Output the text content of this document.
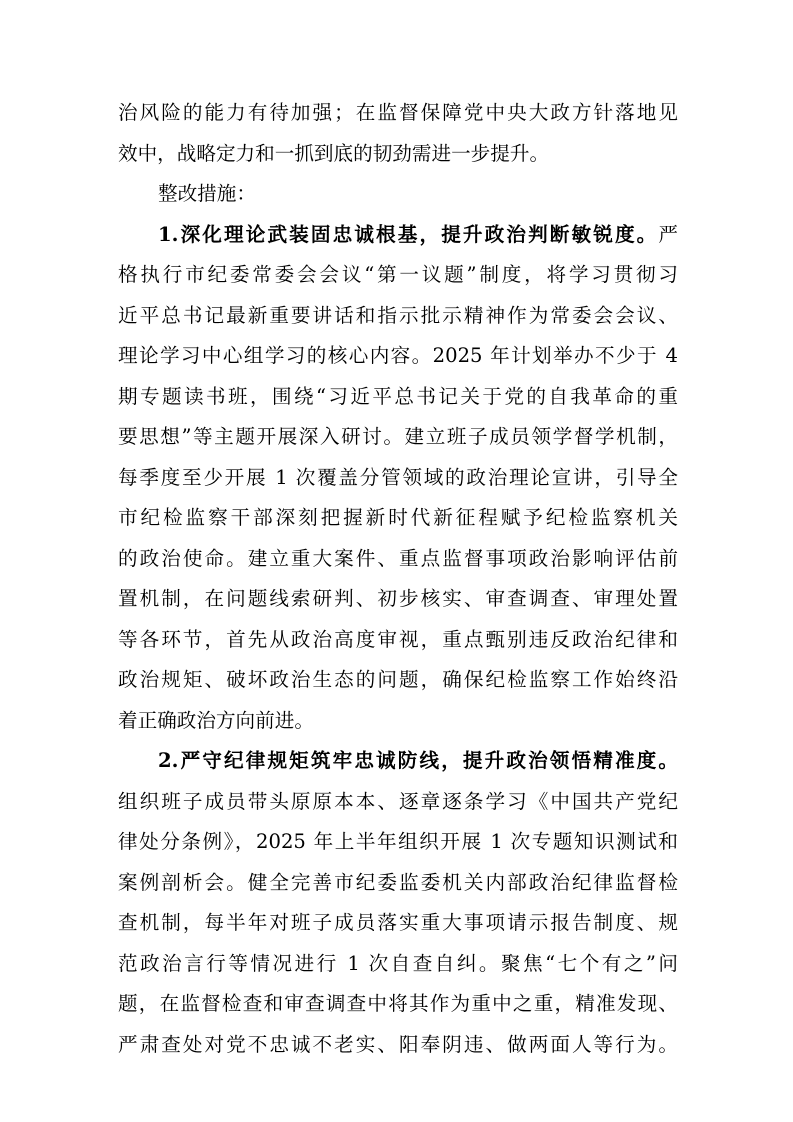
治风险的能力有待加强；在监督保障党中央大政方针落地见
效中，战略定力和一抓到底的韧劲需进一步提升。
整改措施：
1.深化理论武装固忠诚根基，提升政治判断敏锐度。严
格执行市纪委常委会会议“第一议题”制度，将学习贯彻习
近平总书记最新重要讲话和指示批示精神作为常委会会议、
理论学习中心组学习的核心内容。2025 年计划举办不少于 4
期专题读书班，围绕“习近平总书记关于党的自我革命的重
要思想”等主题开展深入研讨。建立班子成员领学督学机制，
每季度至少开展 1 次覆盖分管领域的政治理论宣讲，引导全
市纪检监察干部深刻把握新时代新征程赋予纪检监察机关
的政治使命。建立重大案件、重点监督事项政治影响评估前
置机制，在问题线索研判、初步核实、审查调查、审理处置
等各环节，首先从政治高度审视，重点甄别违反政治纪律和
政治规矩、破坏政治生态的问题，确保纪检监察工作始终沿
着正确政治方向前进。
2.严守纪律规矩筑牢忠诚防线，提升政治领悟精准度。
组织班子成员带头原原本本、逐章逐条学习《中国共产党纪
律处分条例》，2025 年上半年组织开展 1 次专题知识测试和
案例剖析会。健全完善市纪委监委机关内部政治纪律监督检
查机制，每半年对班子成员落实重大事项请示报告制度、规
范政治言行等情况进行 1 次自查自纠。聚焦“七个有之”问
题，在监督检查和审查调查中将其作为重中之重，精准发现、
严肃查处对党不忠诚不老实、阳奉阴违、做两面人等行为。
